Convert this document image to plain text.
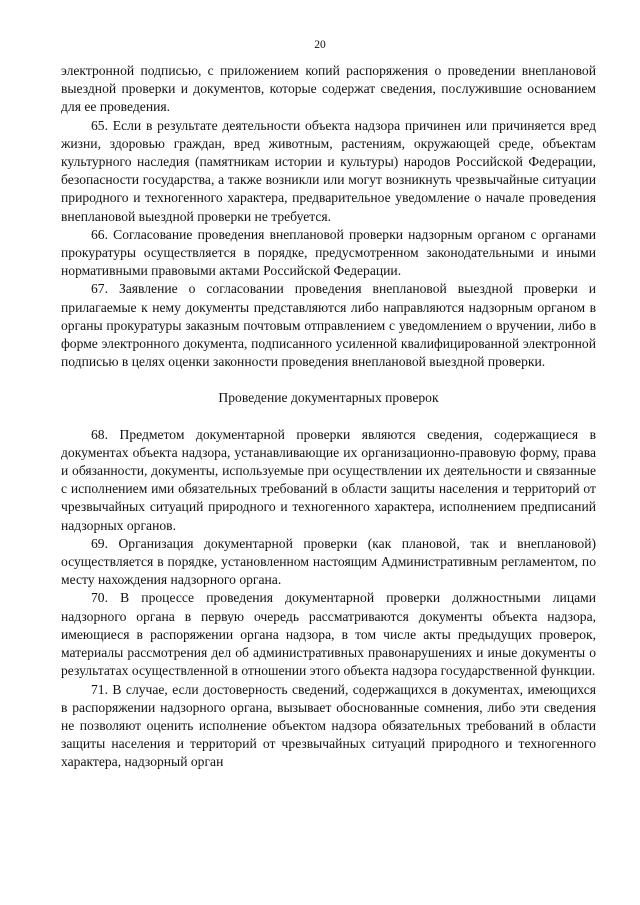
20

электронной подписью, с приложением копий распоряжения о проведении внеплановой выездной проверки и документов, которые содержат сведения, послужившие основанием для ее проведения.

65. Если в результате деятельности объекта надзора причинен или причиняется вред жизни, здоровью граждан, вред животным, растениям, окружающей среде, объектам культурного наследия (памятникам истории и культуры) народов Российской Федерации, безопасности государства, а также возникли или могут возникнуть чрезвычайные ситуации природного и техногенного характера, предварительное уведомление о начале проведения внеплановой выездной проверки не требуется.

66. Согласование проведения внеплановой проверки надзорным органом с органами прокуратуры осуществляется в порядке, предусмотренном законодательными и иными нормативными правовыми актами Российской Федерации.

67. Заявление о согласовании проведения внеплановой выездной проверки и прилагаемые к нему документы представляются либо направляются надзорным органом в органы прокуратуры заказным почтовым отправлением с уведомлением о вручении, либо в форме электронного документа, подписанного усиленной квалифицированной электронной подписью в целях оценки законности проведения внеплановой выездной проверки.

Проведение документарных проверок

68. Предметом документарной проверки являются сведения, содержащиеся в документах объекта надзора, устанавливающие их организационно-правовую форму, права и обязанности, документы, используемые при осуществлении их деятельности и связанные с исполнением ими обязательных требований в области защиты населения и территорий от чрезвычайных ситуаций природного и техногенного характера, исполнением предписаний надзорных органов.

69. Организация документарной проверки (как плановой, так и внеплановой) осуществляется в порядке, установленном настоящим Административным регламентом, по месту нахождения надзорного органа.

70. В процессе проведения документарной проверки должностными лицами надзорного органа в первую очередь рассматриваются документы объекта надзора, имеющиеся в распоряжении органа надзора, в том числе акты предыдущих проверок, материалы рассмотрения дел об административных правонарушениях и иные документы о результатах осуществленной в отношении этого объекта надзора государственной функции.

71. В случае, если достоверность сведений, содержащихся в документах, имеющихся в распоряжении надзорного органа, вызывает обоснованные сомнения, либо эти сведения не позволяют оценить исполнение объектом надзора обязательных требований в области защиты населения и территорий от чрезвычайных ситуаций природного и техногенного характера, надзорный орган
